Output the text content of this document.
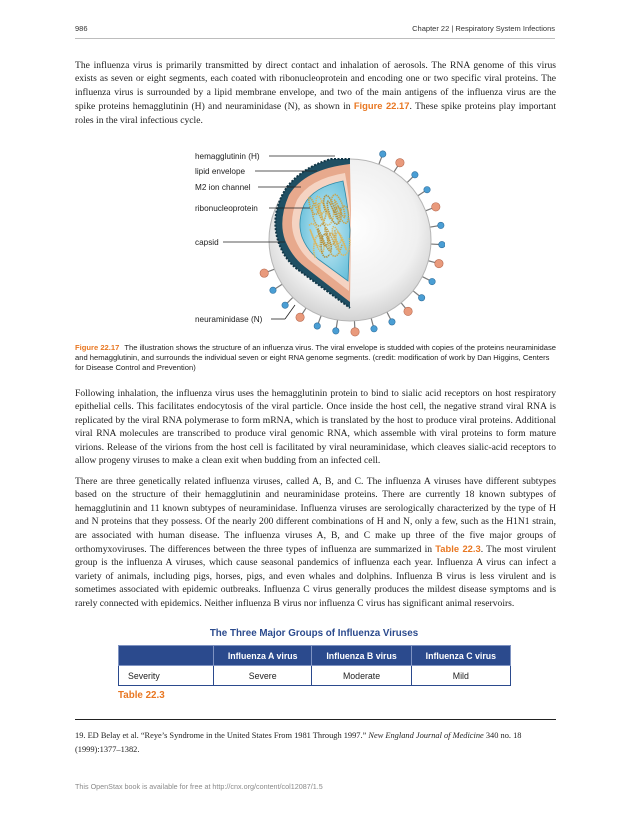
986	Chapter 22 | Respiratory System Infections

The influenza virus is primarily transmitted by direct contact and inhalation of aerosols. The RNA genome of this virus exists as seven or eight segments, each coated with ribonucleoprotein and encoding one or two specific viral proteins. The influenza virus is surrounded by a lipid membrane envelope, and two of the main antigens of the influenza virus are the spike proteins hemagglutinin (H) and neuraminidase (N), as shown in Figure 22.17. These spike proteins play important roles in the viral infectious cycle.

hemagglutinin (H)
lipid envelope
M2 ion channel
ribonucleoprotein
capsid
neuraminidase (N)

Figure 22.17 The illustration shows the structure of an influenza virus. The viral envelope is studded with copies of the proteins neuraminidase and hemagglutinin, and surrounds the individual seven or eight RNA genome segments. (credit: modification of work by Dan Higgins, Centers for Disease Control and Prevention)

Following inhalation, the influenza virus uses the hemagglutinin protein to bind to sialic acid receptors on host respiratory epithelial cells. This facilitates endocytosis of the viral particle. Once inside the host cell, the negative strand viral RNA is replicated by the viral RNA polymerase to form mRNA, which is translated by the host to produce viral proteins. Additional viral RNA molecules are transcribed to produce viral genomic RNA, which assemble with viral proteins to form mature virions. Release of the virions from the host cell is facilitated by viral neuraminidase, which cleaves sialic-acid receptors to allow progeny viruses to make a clean exit when budding from an infected cell.

There are three genetically related influenza viruses, called A, B, and C. The influenza A viruses have different subtypes based on the structure of their hemagglutinin and neuraminidase proteins. There are currently 18 known subtypes of hemagglutinin and 11 known subtypes of neuraminidase. Influenza viruses are serologically characterized by the type of H and N proteins that they possess. Of the nearly 200 different combinations of H and N, only a few, such as the H1N1 strain, are associated with human disease. The influenza viruses A, B, and C make up three of the five major groups of orthomyxoviruses. The differences between the three types of influenza are summarized in Table 22.3. The most virulent group is the influenza A viruses, which cause seasonal pandemics of influenza each year. Influenza A virus can infect a variety of animals, including pigs, horses, pigs, and even whales and dolphins. Influenza B virus is less virulent and is sometimes associated with epidemic outbreaks. Influenza C virus generally produces the mildest disease symptoms and is rarely connected with epidemics. Neither influenza B virus nor influenza C virus has significant animal reservoirs.

The Three Major Groups of Influenza Viruses
	Influenza A virus	Influenza B virus	Influenza C virus
Severity	Severe	Moderate	Mild
Table 22.3

19. ED Belay et al. “Reye’s Syndrome in the United States From 1981 Through 1997.” New England Journal of Medicine 340 no. 18 (1999):1377–1382.

This OpenStax book is available for free at http://cnx.org/content/col12087/1.5
